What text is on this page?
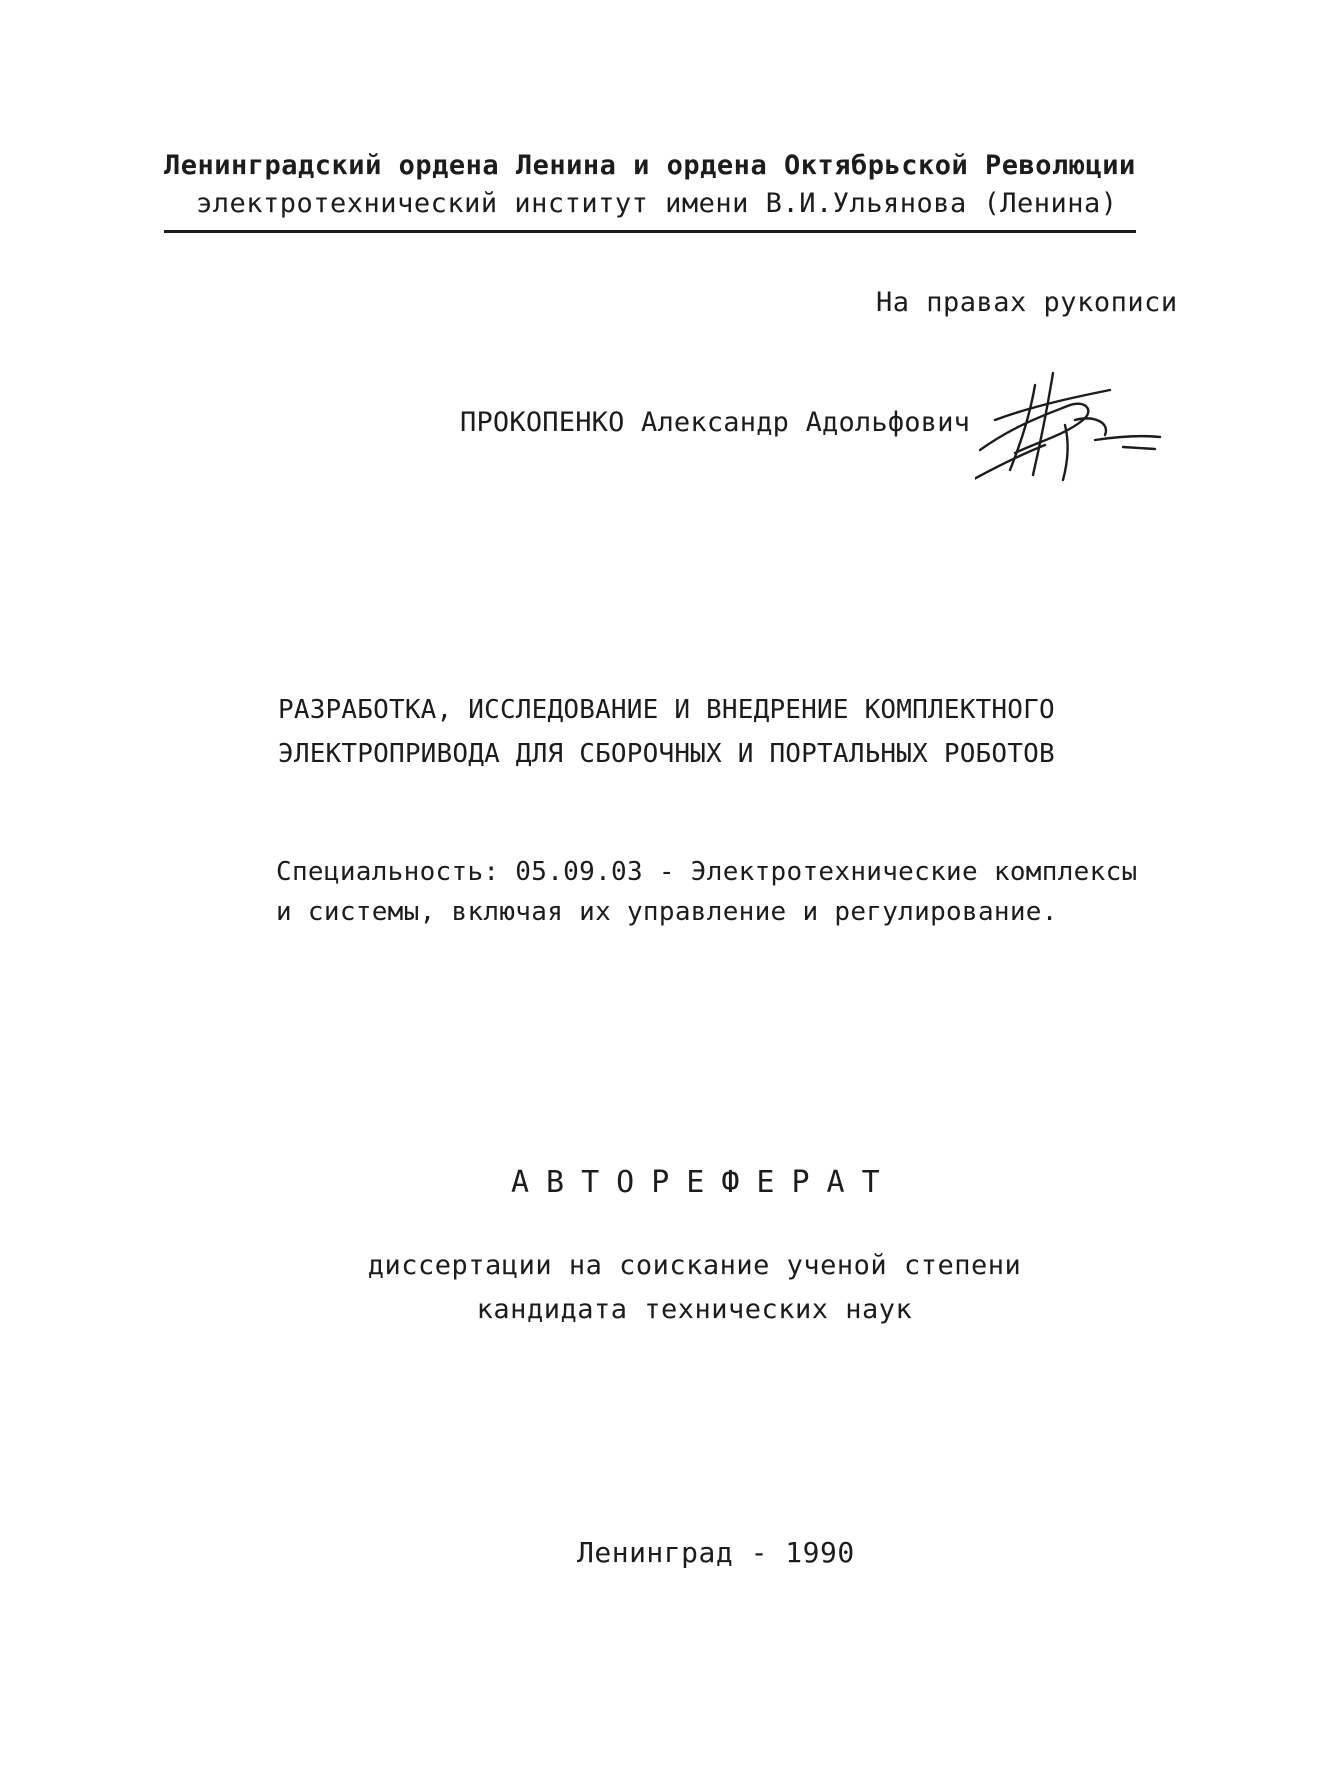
Ленинградский ордена Ленина и ордена Октябрьской Революции
электротехнический институт имени В.И.Ульянова (Ленина)
На правах рукописи
ПРОКОПЕНКО Александр Адольфович
РАЗРАБОТКА, ИССЛЕДОВАНИЕ И ВНЕДРЕНИЕ КОМПЛЕКТНОГО
ЭЛЕКТРОПРИВОДА ДЛЯ СБОРОЧНЫХ И ПОРТАЛЬНЫХ РОБОТОВ
Специальность: 05.09.03 - Электротехнические комплексы
и системы, включая их управление и регулирование.
АВТОРЕФЕРАТ
диссертации на соискание ученой степени
кандидата технических наук
Ленинград - 1990
